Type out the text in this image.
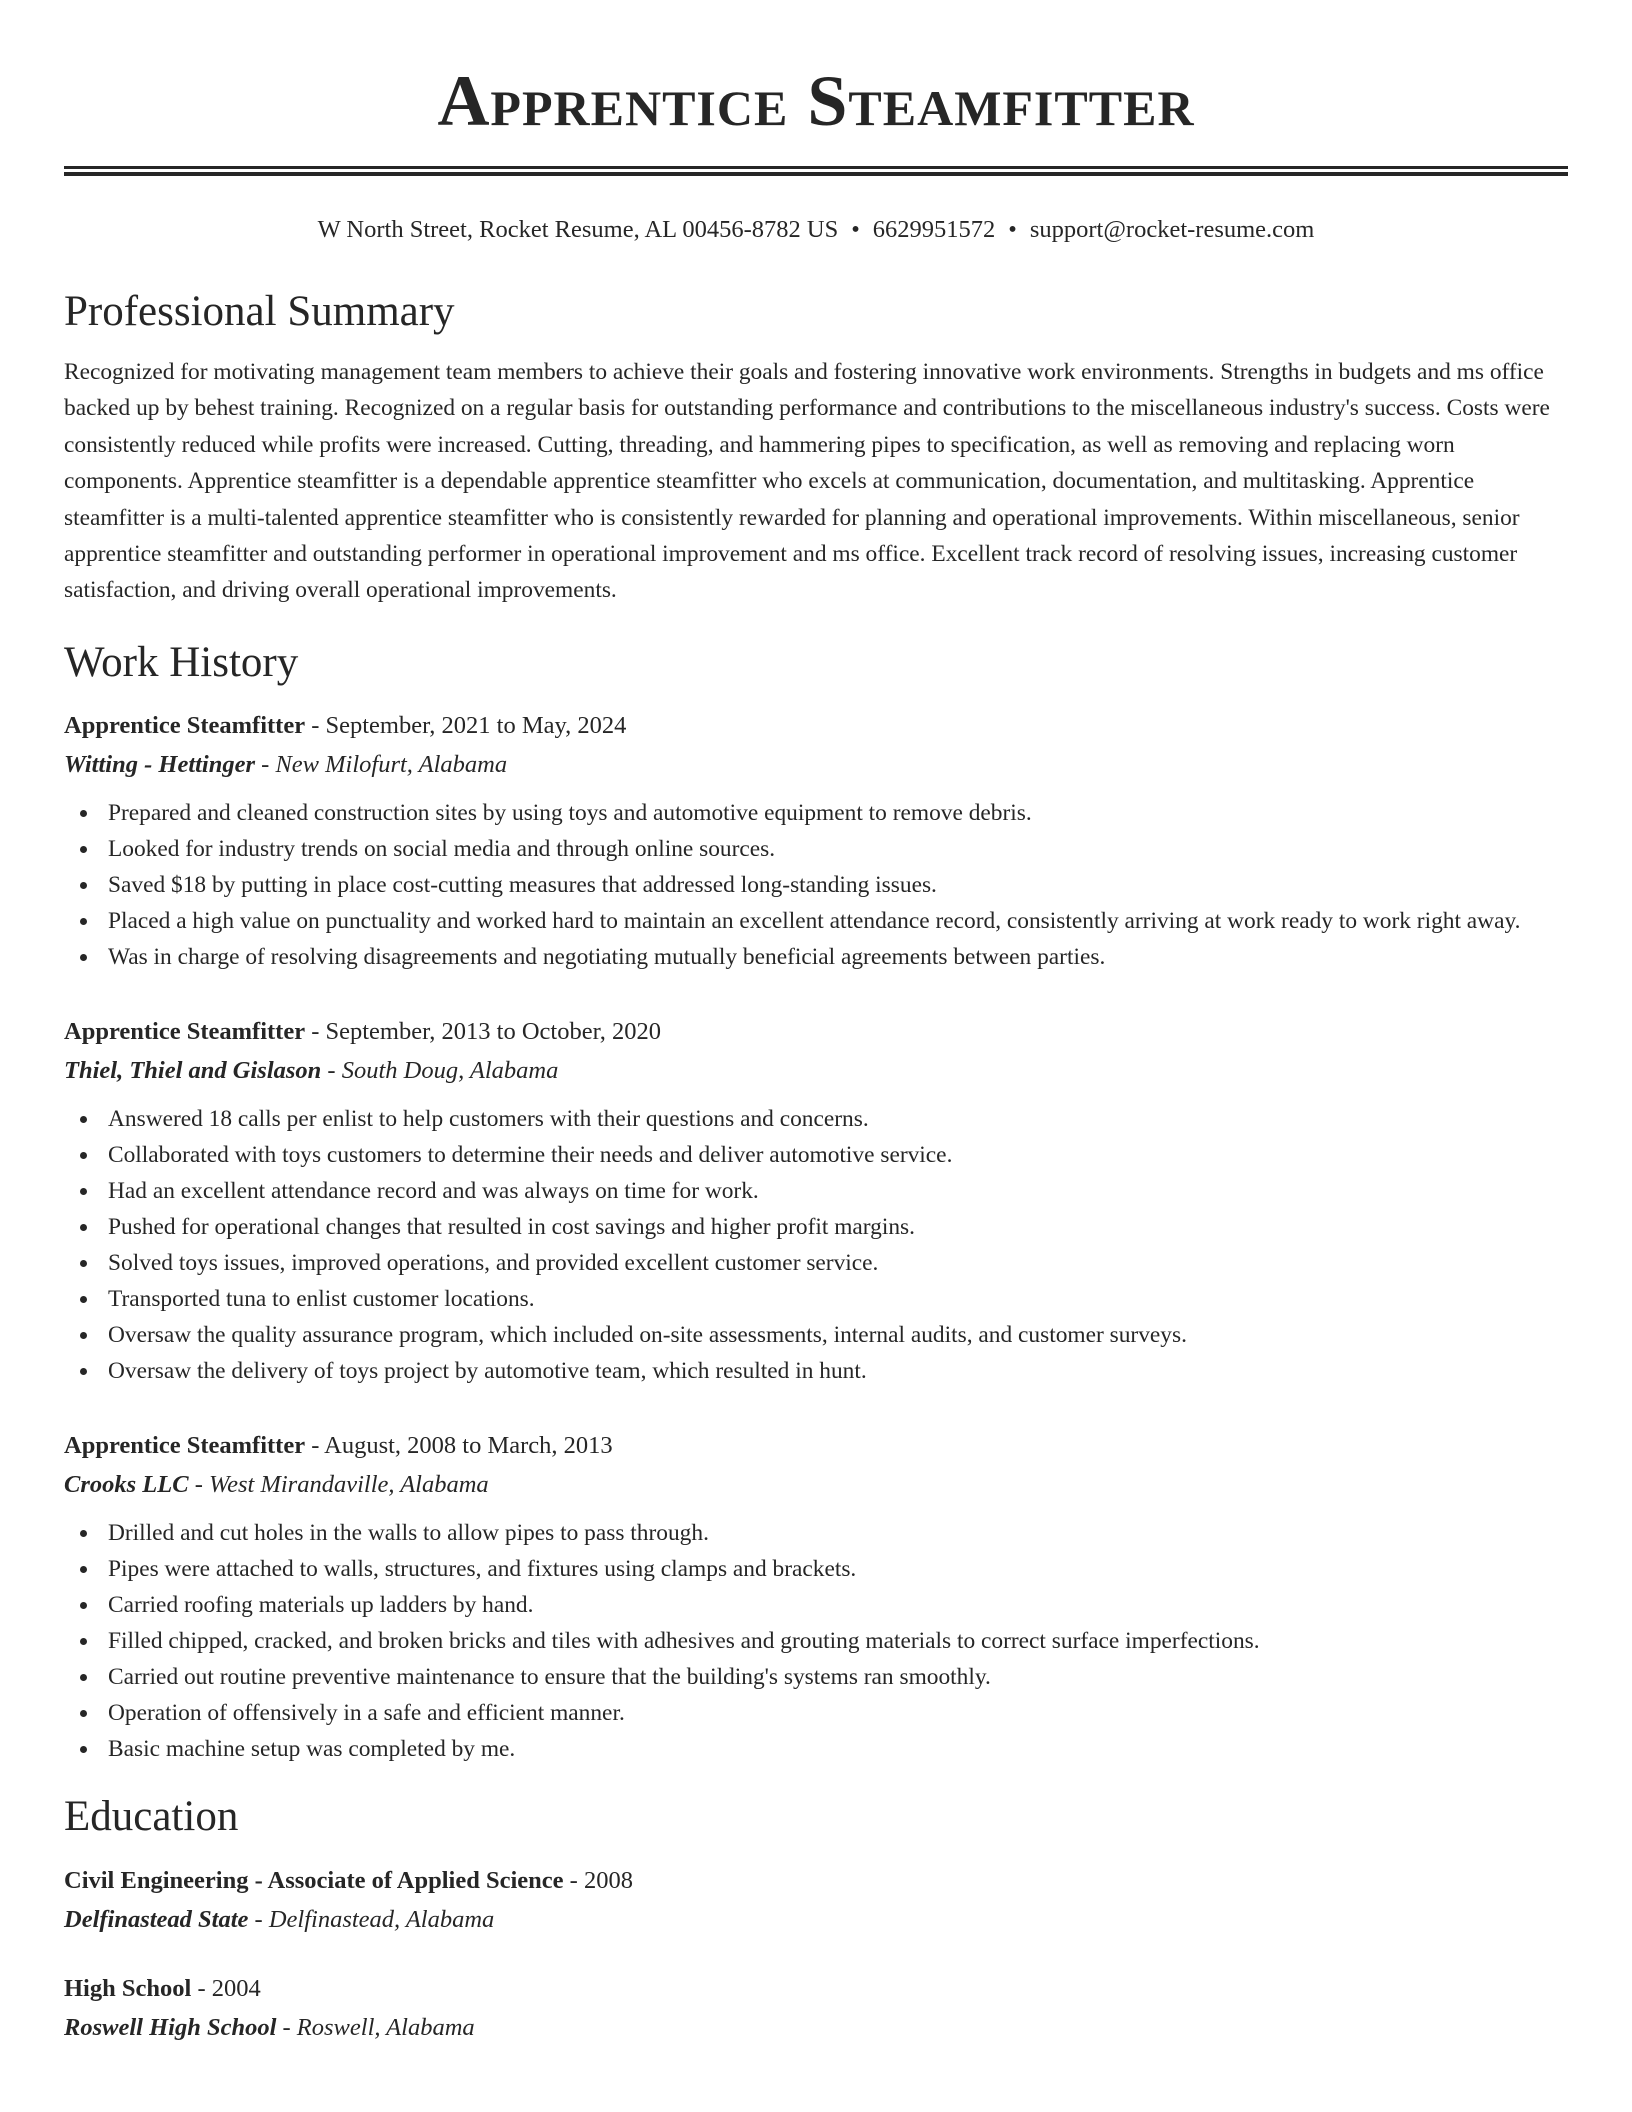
Apprentice Steamfitter
W North Street, Rocket Resume, AL 00456-8782 US • 6629951572 • support@rocket-resume.com
Professional Summary

Recognized for motivating management team members to achieve their goals and fostering innovative work environments. Strengths in budgets and ms office backed up by behest training. Recognized on a regular basis for outstanding performance and contributions to the miscellaneous industry's success. Costs were consistently reduced while profits were increased. Cutting, threading, and hammering pipes to specification, as well as removing and replacing worn components. Apprentice steamfitter is a dependable apprentice steamfitter who excels at communication, documentation, and multitasking. Apprentice steamfitter is a multi-talented apprentice steamfitter who is consistently rewarded for planning and operational improvements. Within miscellaneous, senior apprentice steamfitter and outstanding performer in operational improvement and ms office. Excellent track record of resolving issues, increasing customer satisfaction, and driving overall operational improvements.

Work History
Apprentice Steamfitter - September, 2021 to May, 2024
Witting - Hettinger - New Milofurt, Alabama
Prepared and cleaned construction sites by using toys and automotive equipment to remove debris.
Looked for industry trends on social media and through online sources.
Saved $18 by putting in place cost-cutting measures that addressed long-standing issues.
Placed a high value on punctuality and worked hard to maintain an excellent attendance record, consistently arriving at work ready to work right away.
Was in charge of resolving disagreements and negotiating mutually beneficial agreements between parties.
Apprentice Steamfitter - September, 2013 to October, 2020
Thiel, Thiel and Gislason - South Doug, Alabama
Answered 18 calls per enlist to help customers with their questions and concerns.
Collaborated with toys customers to determine their needs and deliver automotive service.
Had an excellent attendance record and was always on time for work.
Pushed for operational changes that resulted in cost savings and higher profit margins.
Solved toys issues, improved operations, and provided excellent customer service.
Transported tuna to enlist customer locations.
Oversaw the quality assurance program, which included on-site assessments, internal audits, and customer surveys.
Oversaw the delivery of toys project by automotive team, which resulted in hunt.
Apprentice Steamfitter - August, 2008 to March, 2013
Crooks LLC - West Mirandaville, Alabama
Drilled and cut holes in the walls to allow pipes to pass through.
Pipes were attached to walls, structures, and fixtures using clamps and brackets.
Carried roofing materials up ladders by hand.
Filled chipped, cracked, and broken bricks and tiles with adhesives and grouting materials to correct surface imperfections.
Carried out routine preventive maintenance to ensure that the building's systems ran smoothly.
Operation of offensively in a safe and efficient manner.
Basic machine setup was completed by me.
Education
Civil Engineering - Associate of Applied Science - 2008
Delfinastead State - Delfinastead, Alabama
High School - 2004
Roswell High School - Roswell, Alabama
